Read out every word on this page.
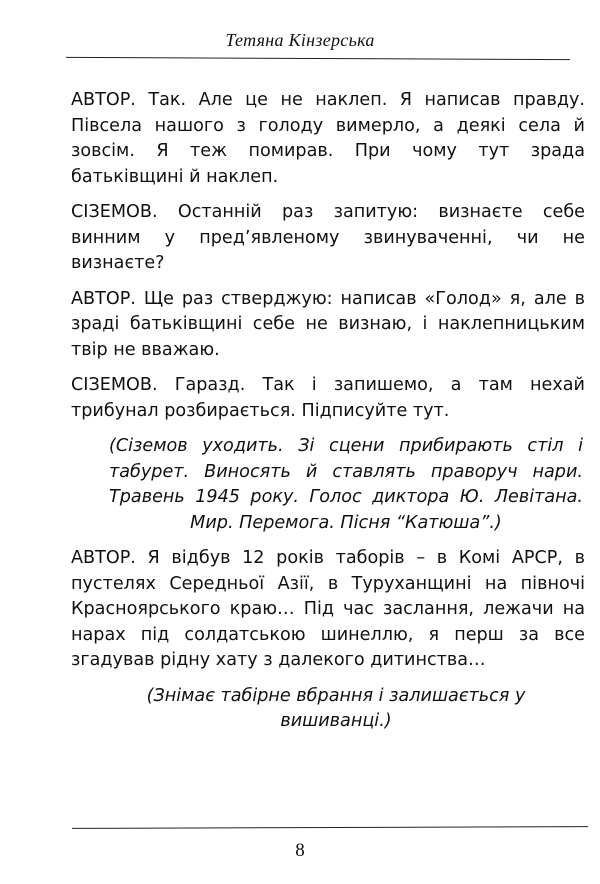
Тетяна Кінзерська

АВТОР. Так. Але це не наклеп. Я написав правду. Півсела нашого з голоду вимерло, а деякі села й зовсім. Я теж помирав. При чому тут зрада батьківщині й наклеп.

СІЗЕМОВ. Останній раз запитую: визнаєте себе винним у пред’явленому звинуваченні, чи не визнаєте?

АВТОР. Ще раз стверджую: написав «Голод» я, але в зраді батьківщині себе не визнаю, і наклепницьким твір не вважаю.

СІЗЕМОВ. Гаразд. Так і запишемо, а там нехай трибунал розбирається. Підписуйте тут.

(Сіземов уходить. Зі сцени прибирають стіл і табурет. Виносять й ставлять праворуч нари. Травень 1945 року. Голос диктора Ю. Левітана. Мир. Перемога. Пісня “Катюша”.)

АВТОР. Я відбув 12 років таборів – в Комі АРСР, в пустелях Середньої Азії, в Туруханщині на півночі Красноярського краю… Під час заслання, лежачи на нарах під солдатською шинеллю, я перш за все згадував рідну хату з далекого дитинства…

(Знімає табірне вбрання і залишається у вишиванці.)

8
